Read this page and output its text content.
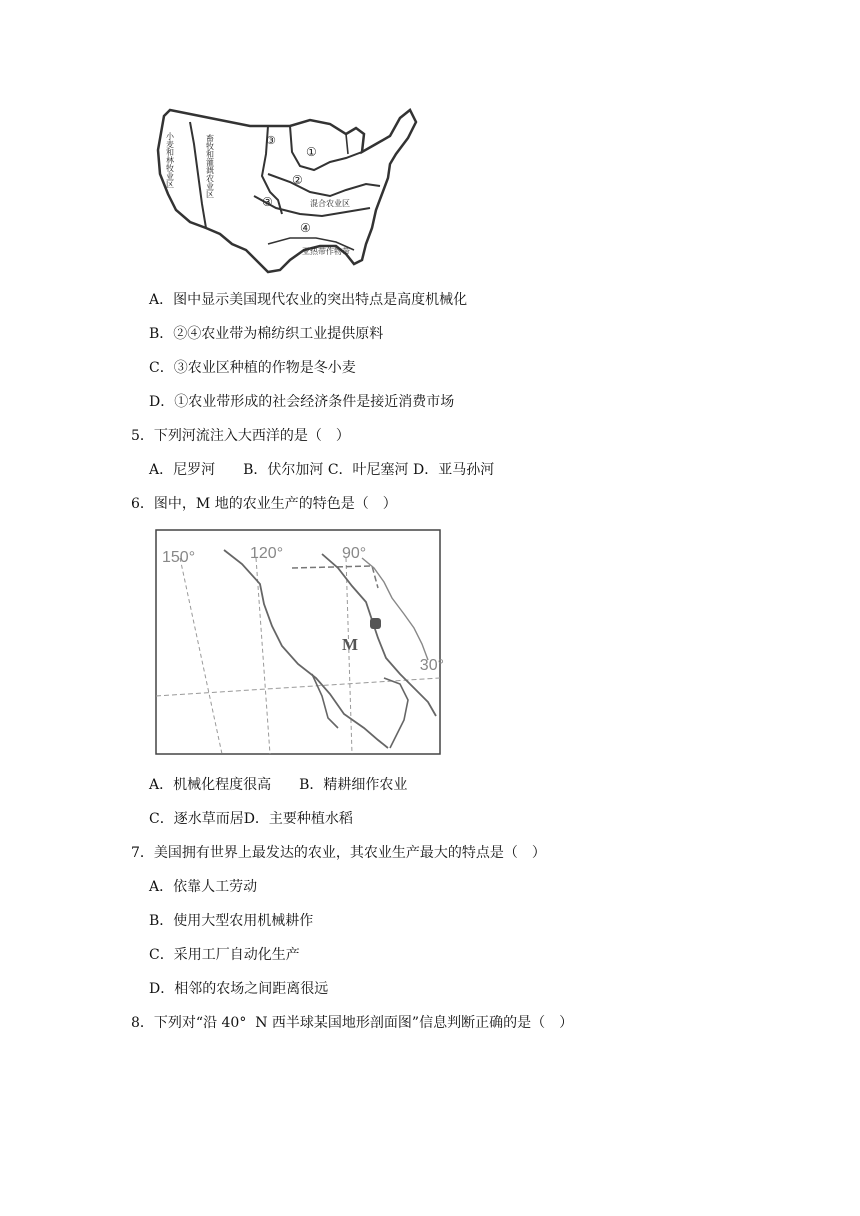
小麦和林牧业区	畜牧和灌溉农业区	③
①
②
③	混合农业区
④
亚热带作物带
A．图中显示美国现代农业的突出特点是高度机械化
B．②④农业带为棉纺织工业提供原料
C．③农业区种植的作物是冬小麦
D．①农业带形成的社会经济条件是接近消费市场
5．下列河流注入大西洋的是（　）
A．尼罗河　　B．伏尔加河 C．叶尼塞河 D．亚马孙河
6．图中，M 地的农业生产的特色是（　）
150°	120°	90°
30°
M
A．机械化程度很高　　B．精耕细作农业
C．逐水草而居D．主要种植水稻
7．美国拥有世界上最发达的农业，其农业生产最大的特点是（　）
A．依靠人工劳动
B．使用大型农用机械耕作
C．采用工厂自动化生产
D．相邻的农场之间距离很远
8．下列对“沿 40°  N 西半球某国地形剖面图”信息判断正确的是（　）
